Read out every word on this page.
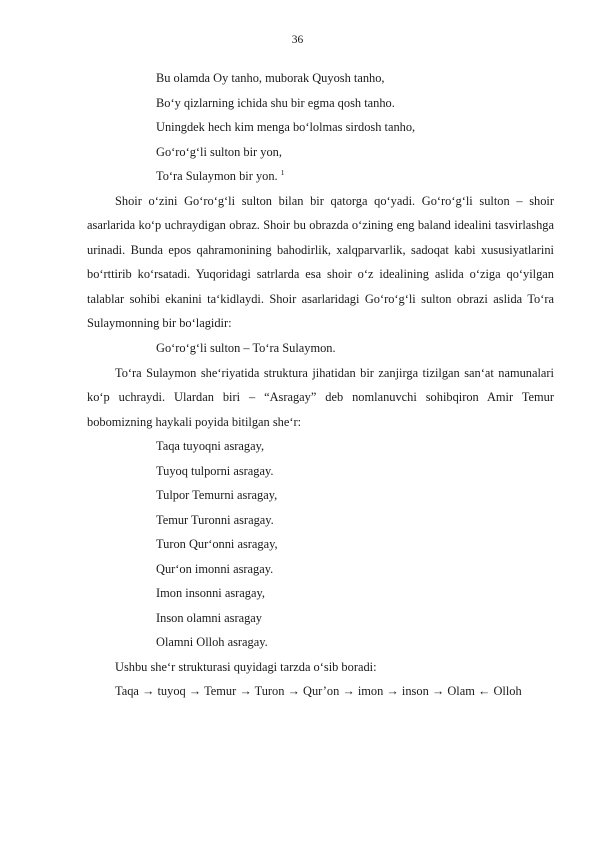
36

Bu olamda Oy tanho, muborak Quyosh tanho,

Boʻy qizlarning ichida shu bir egma qosh tanho.

Uningdek hech kim menga boʻlolmas sirdosh tanho,

Goʻroʻgʻli sulton bir yon,

Toʻra Sulaymon bir yon. $^1$

Shoir oʻzini Goʻroʻgʻli sulton bilan bir qatorga qoʻyadi. Goʻroʻgʻli sulton – shoir asarlarida koʻp uchraydigan obraz. Shoir bu obrazda oʻzining eng baland idealini tasvirlashga urinadi. Bunda epos qahramonining bahodirlik, xalqparvarlik, sadoqat kabi xususiyatlarini boʻrttirib koʻrsatadi. Yuqoridagi satrlarda esa shoir oʻz idealining aslida oʻziga qoʻyilgan talablar sohibi ekanini taʻkidlaydi. Shoir asarlaridagi Goʻroʻgʻli sulton obrazi aslida Toʻra Sulaymonning bir boʻlagidir:

Goʻroʻgʻli sulton – Toʻra Sulaymon.

Toʻra Sulaymon sheʻriyatida struktura jihatidan bir zanjirga tizilgan sanʻat namunalari koʻp uchraydi. Ulardan biri – “Asragay” deb nomlanuvchi sohibqiron Amir Temur bobomizning haykali poyida bitilgan sheʻr:

Taqa tuyoqni asragay,

Tuyoq tulporni asragay.

Tulpor Temurni asragay,

Temur Turonni asragay.

Turon Qurʻonni asragay,

Qurʻon imonni asragay.

Imon insonni asragay,

Inson olamni asragay

Olamni Olloh asragay.

Ushbu sheʻr strukturasi quyidagi tarzda oʻsib boradi:

Taqa → tuyoq → Temur → Turon → Qur’on → imon → inson → Olam ← Olloh
